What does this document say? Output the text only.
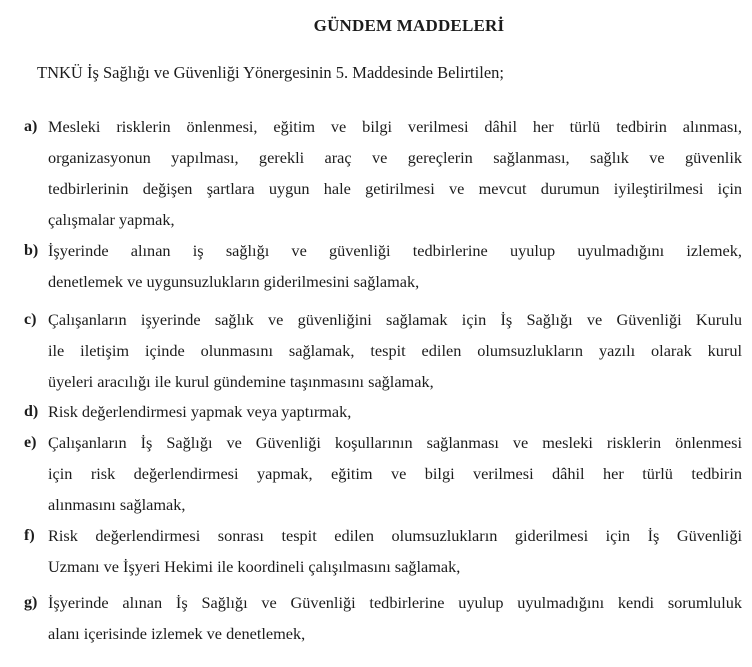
GÜNDEM MADDELERİ
TNKÜ İş Sağlığı ve Güvenliği Yönergesinin 5. Maddesinde Belirtilen;
a) Mesleki risklerin önlenmesi, eğitim ve bilgi verilmesi dâhil her türlü tedbirin alınması,
organizasyonun yapılması, gerekli araç ve gereçlerin sağlanması, sağlık ve güvenlik
tedbirlerinin değişen şartlara uygun hale getirilmesi ve mevcut durumun iyileştirilmesi için
çalışmalar yapmak,
b) İşyerinde alınan iş sağlığı ve güvenliği tedbirlerine uyulup uyulmadığını izlemek,
denetlemek ve uygunsuzlukların giderilmesini sağlamak,
c) Çalışanların işyerinde sağlık ve güvenliğini sağlamak için İş Sağlığı ve Güvenliği Kurulu
ile iletişim içinde olunmasını sağlamak, tespit edilen olumsuzlukların yazılı olarak kurul
üyeleri aracılığı ile kurul gündemine taşınmasını sağlamak,
d) Risk değerlendirmesi yapmak veya yaptırmak,
e) Çalışanların İş Sağlığı ve Güvenliği koşullarının sağlanması ve mesleki risklerin önlenmesi
için risk değerlendirmesi yapmak, eğitim ve bilgi verilmesi dâhil her türlü tedbirin
alınmasını sağlamak,
f) Risk değerlendirmesi sonrası tespit edilen olumsuzlukların giderilmesi için İş Güvenliği
Uzmanı ve İşyeri Hekimi ile koordineli çalışılmasını sağlamak,
g) İşyerinde alınan İş Sağlığı ve Güvenliği tedbirlerine uyulup uyulmadığını kendi sorumluluk
alanı içerisinde izlemek ve denetlemek,
